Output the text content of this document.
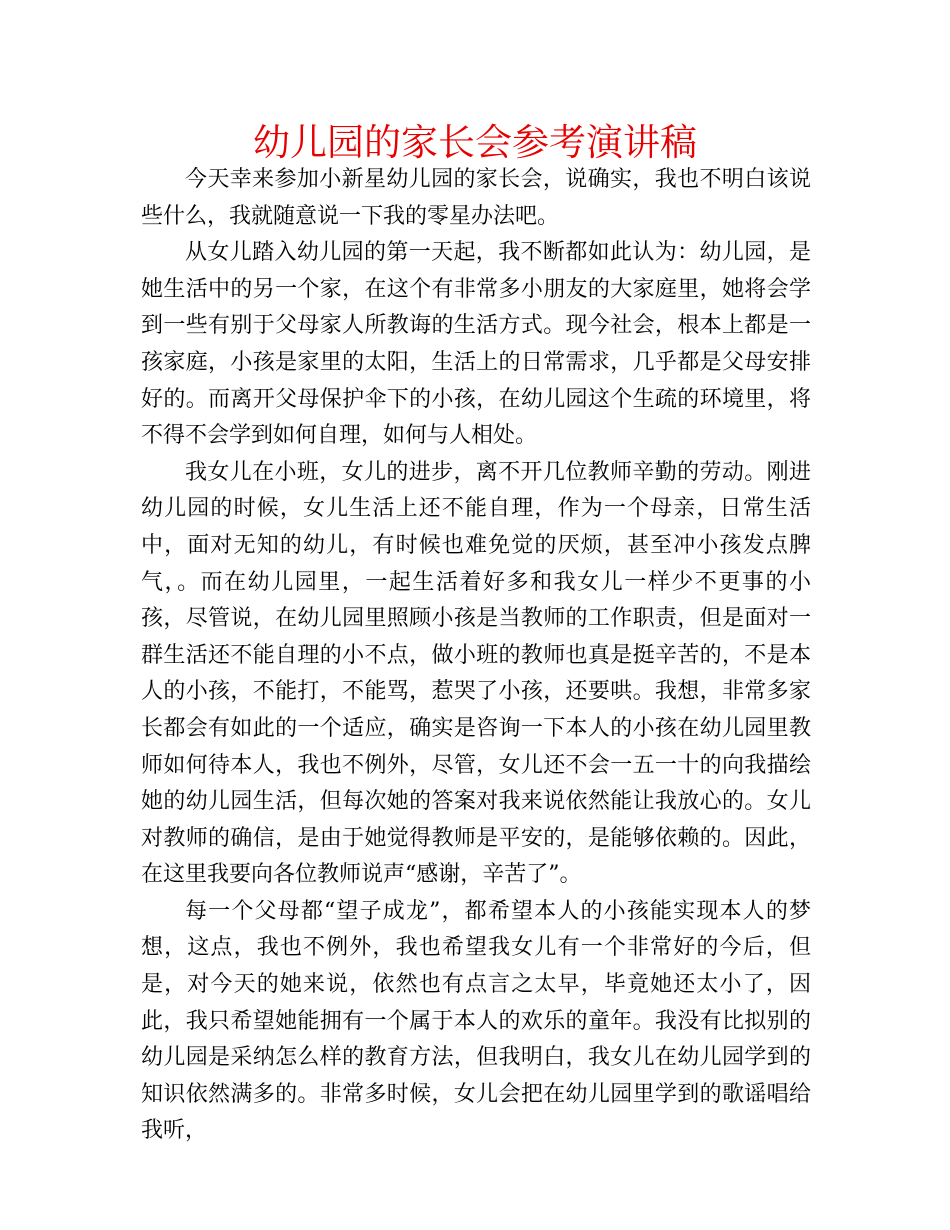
幼儿园的家长会参考演讲稿

今天幸来参加小新星幼儿园的家长会，说确实，我也不明白该说些什么，我就随意说一下我的零星办法吧。

从女儿踏入幼儿园的第一天起，我不断都如此认为：幼儿园，是她生活中的另一个家，在这个有非常多小朋友的大家庭里，她将会学到一些有别于父母家人所教诲的生活方式。现今社会，根本上都是一孩家庭，小孩是家里的太阳，生活上的日常需求，几乎都是父母安排好的。而离开父母保护伞下的小孩，在幼儿园这个生疏的环境里，将不得不会学到如何自理，如何与人相处。

我女儿在小班，女儿的进步，离不开几位教师辛勤的劳动。刚进幼儿园的时候，女儿生活上还不能自理，作为一个母亲，日常生活中，面对无知的幼儿，有时候也难免觉的厌烦，甚至冲小孩发点脾气，。而在幼儿园里，一起生活着好多和我女儿一样少不更事的小孩，尽管说，在幼儿园里照顾小孩是当教师的工作职责，但是面对一群生活还不能自理的小不点，做小班的教师也真是挺辛苦的，不是本人的小孩，不能打，不能骂，惹哭了小孩，还要哄。我想，非常多家长都会有如此的一个适应，确实是咨询一下本人的小孩在幼儿园里教师如何待本人，我也不例外，尽管，女儿还不会一五一十的向我描绘她的幼儿园生活，但每次她的答案对我来说依然能让我放心的。女儿对教师的确信，是由于她觉得教师是平安的，是能够依赖的。因此，在这里我要向各位教师说声“感谢，辛苦了”。

每一个父母都“望子成龙”，都希望本人的小孩能实现本人的梦想，这点，我也不例外，我也希望我女儿有一个非常好的今后，但是，对今天的她来说，依然也有点言之太早，毕竟她还太小了，因此，我只希望她能拥有一个属于本人的欢乐的童年。我没有比拟别的幼儿园是采纳怎么样的教育方法，但我明白，我女儿在幼儿园学到的知识依然满多的。非常多时候，女儿会把在幼儿园里学到的歌谣唱给我听，
